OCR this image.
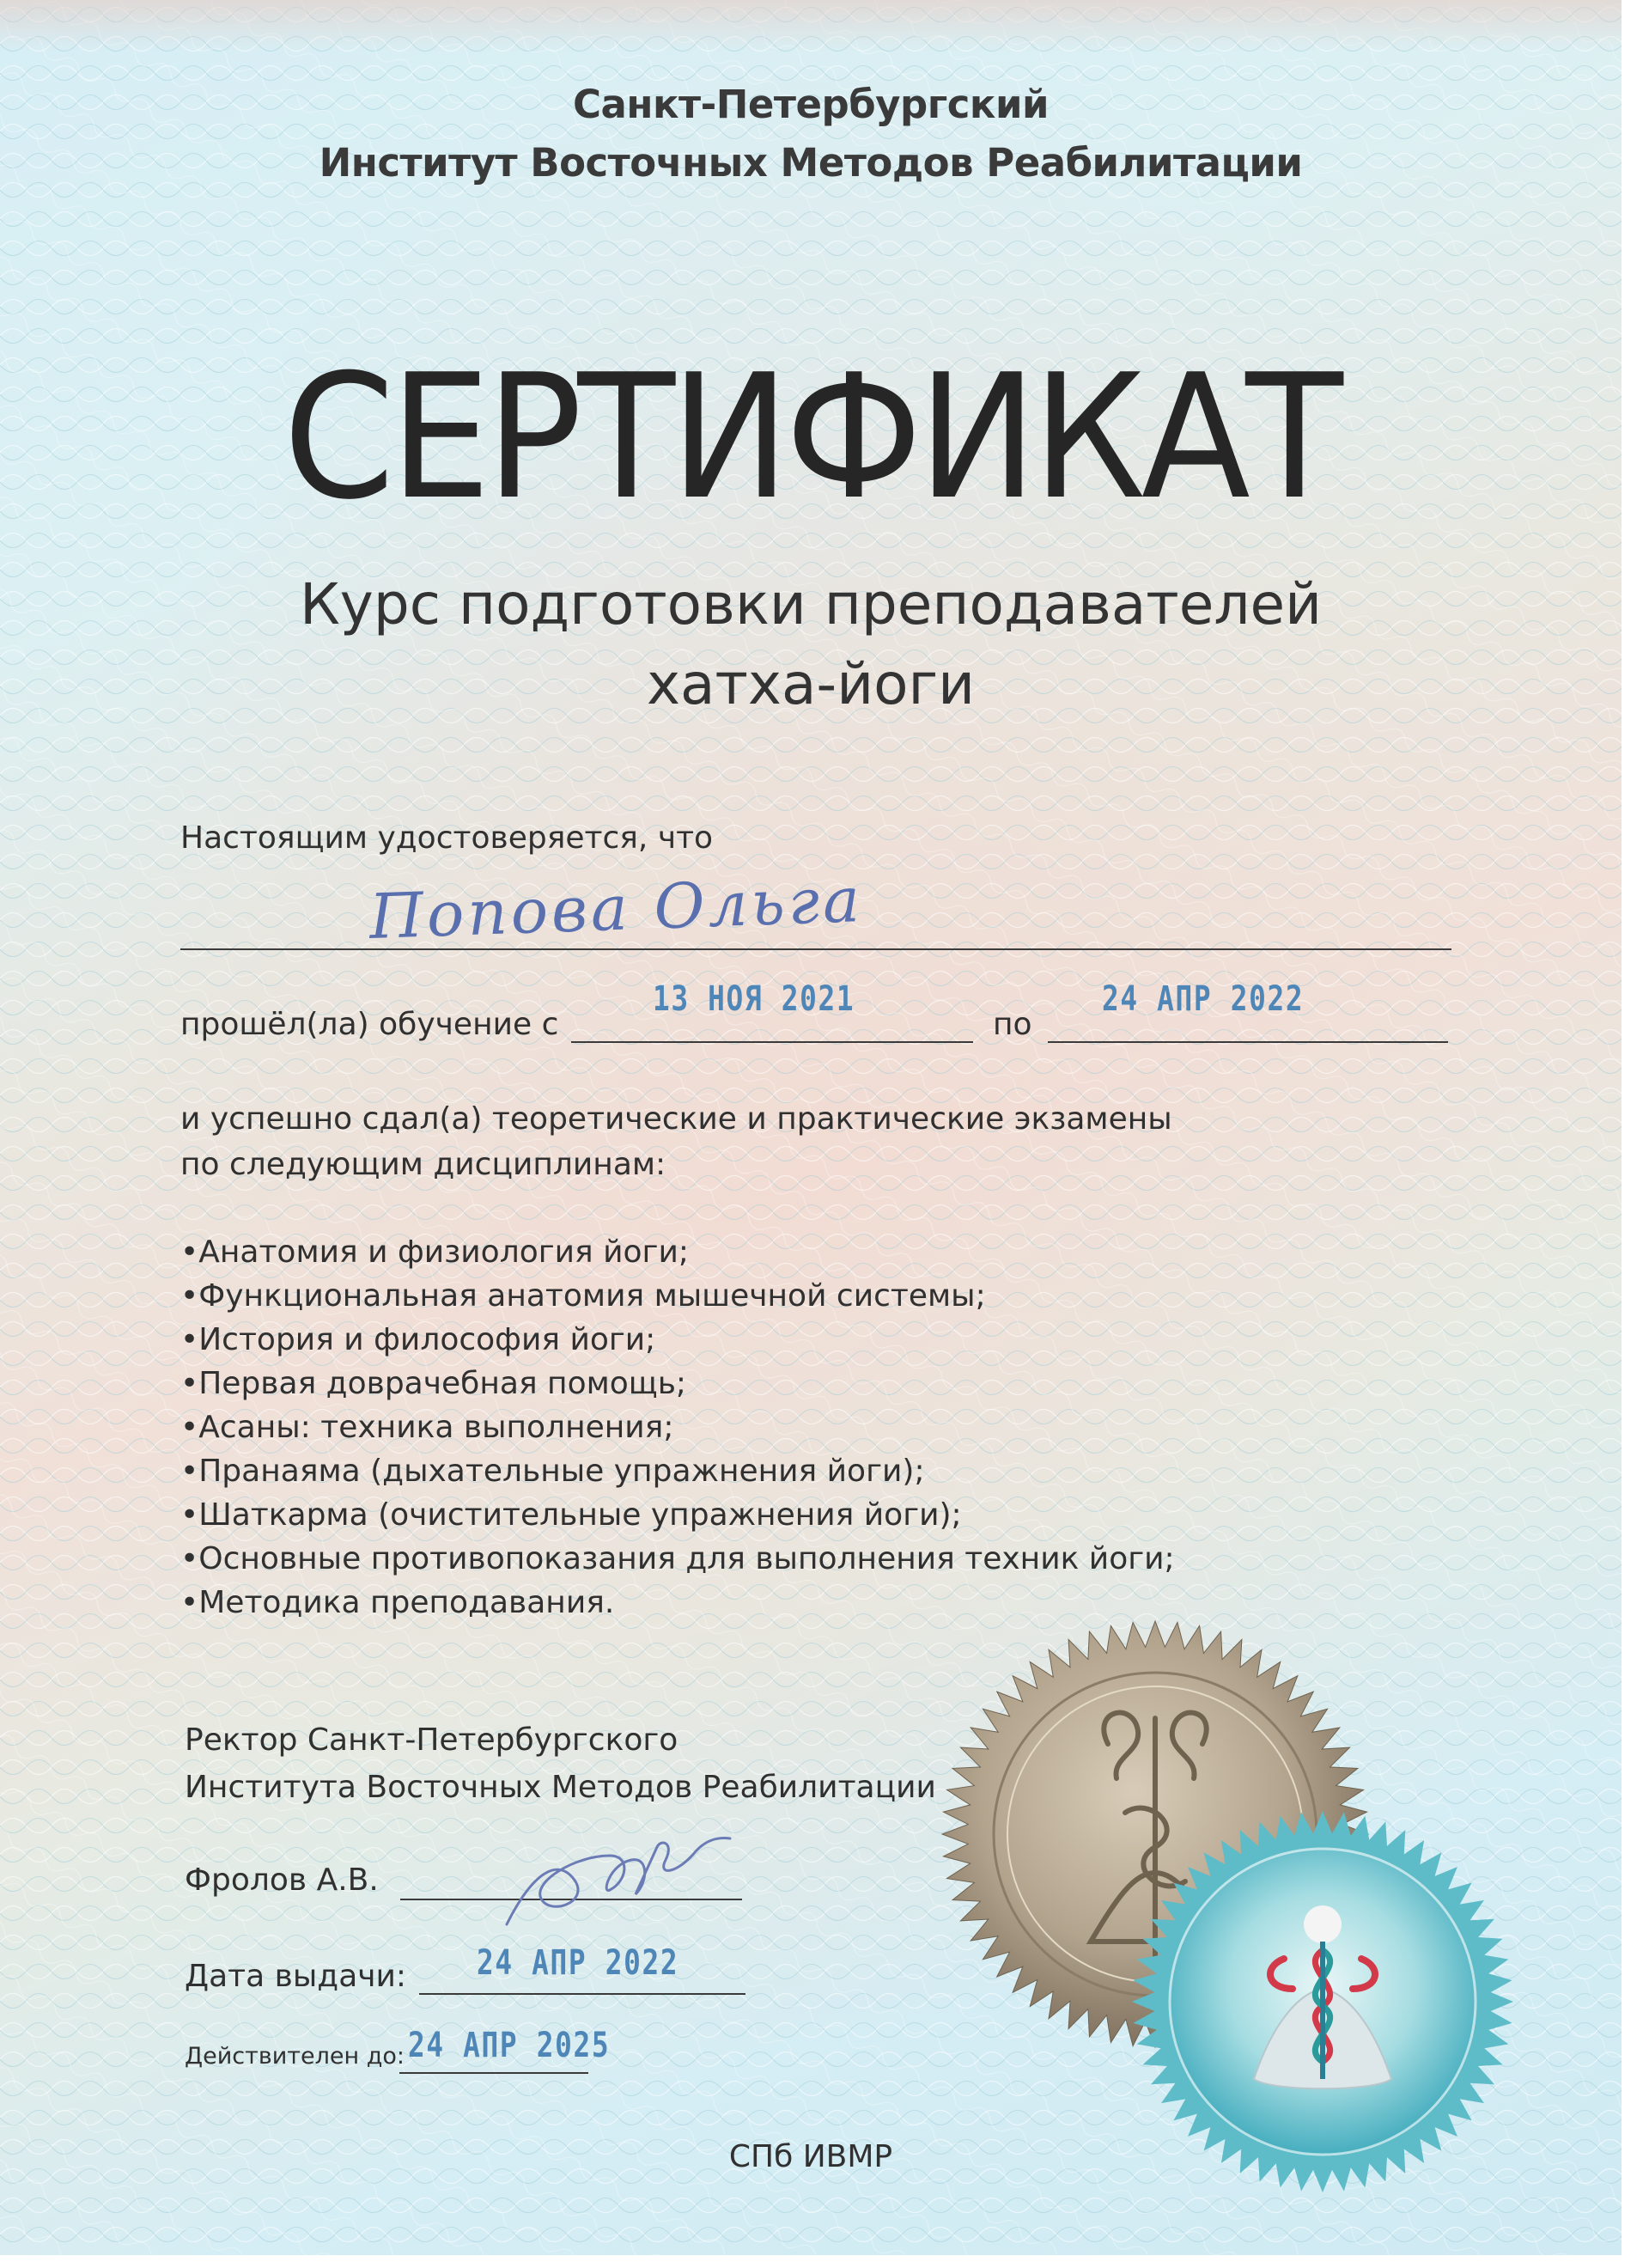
Санкт-Петербургский
Институт Восточных Методов Реабилитации
СЕРТИФИКАТ
Курс подготовки преподавателей
хатха-йоги
Настоящим удостоверяется, что
Попова Ольга
прошёл(ла) обучение с
13 НОЯ 2021
по
24 АПР 2022
и успешно сдал(а) теоретические и практические экзамены
по следующим дисциплинам:
• Анатомия и физиология йоги;
• Функциональная анатомия мышечной системы;
• История и философия йоги;
• Первая доврачебная помощь;
• Асаны: техника выполнения;
• Пранаяма (дыхательные упражнения йоги);
• Шаткарма (очистительные упражнения йоги);
• Основные противопоказания для выполнения техник йоги;
• Методика преподавания.
Ректор Санкт-Петербургского
Института Восточных Методов Реабилитации
Фролов А.В.
Дата выдачи: 24 АПР 2022
Действителен до: 24 АПР 2025
СПб ИВМР
